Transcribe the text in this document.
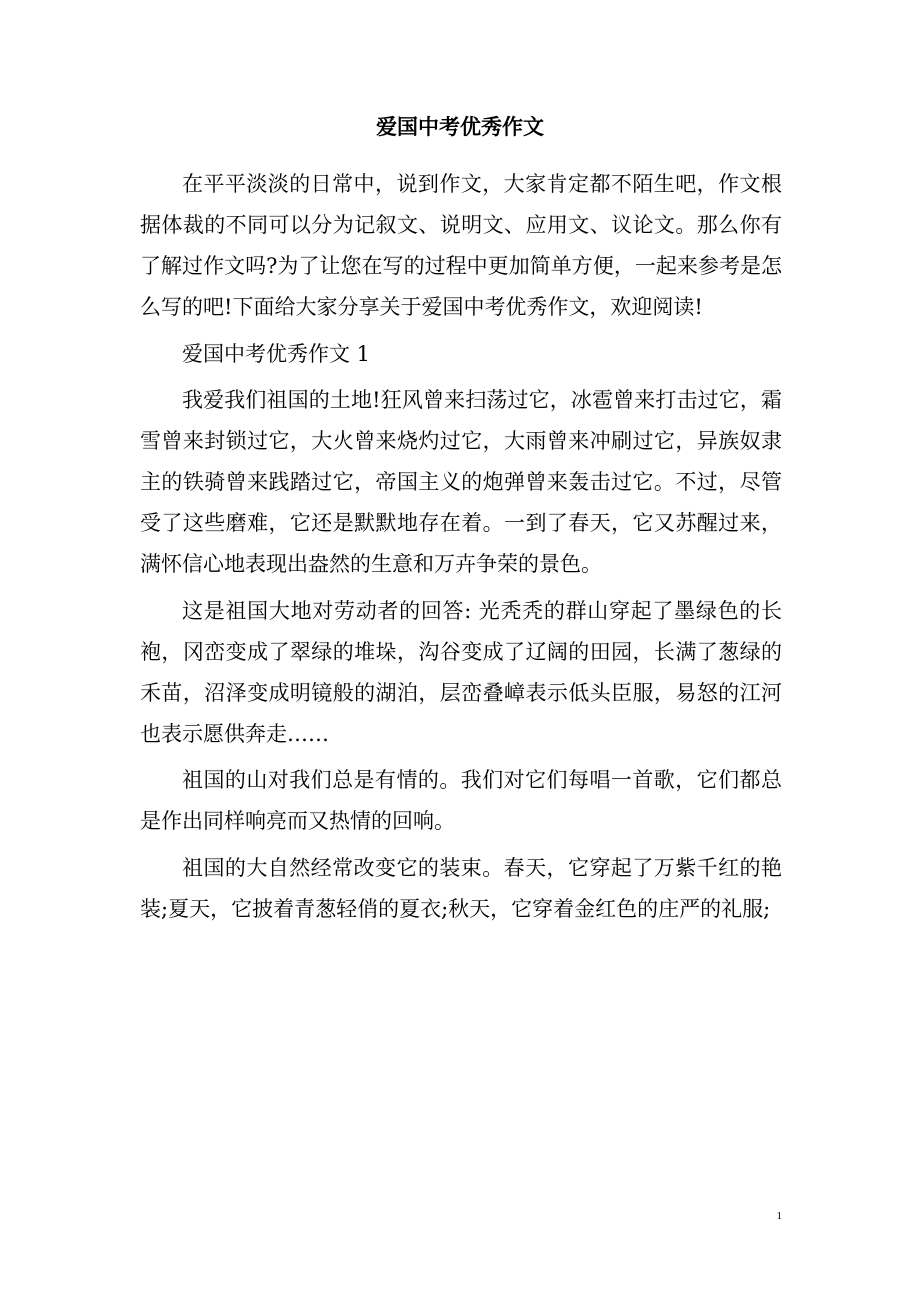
爱国中考优秀作文

在平平淡淡的日常中，说到作文，大家肯定都不陌生吧，作文根据体裁的不同可以分为记叙文、说明文、应用文、议论文。那么你有了解过作文吗?为了让您在写的过程中更加简单方便，一起来参考是怎么写的吧!下面给大家分享关于爱国中考优秀作文，欢迎阅读!

爱国中考优秀作文 1

我爱我们祖国的土地!狂风曾来扫荡过它，冰雹曾来打击过它，霜雪曾来封锁过它，大火曾来烧灼过它，大雨曾来冲刷过它，异族奴隶主的铁骑曾来践踏过它，帝国主义的炮弹曾来轰击过它。不过，尽管受了这些磨难，它还是默默地存在着。一到了春天，它又苏醒过来，满怀信心地表现出盎然的生意和万卉争荣的景色。

这是祖国大地对劳动者的回答: 光秃秃的群山穿起了墨绿色的长袍，冈峦变成了翠绿的堆垛，沟谷变成了辽阔的田园，长满了葱绿的禾苗，沼泽变成明镜般的湖泊，层峦叠嶂表示低头臣服，易怒的江河也表示愿供奔走……

祖国的山对我们总是有情的。我们对它们每唱一首歌，它们都总是作出同样响亮而又热情的回响。

祖国的大自然经常改变它的装束。春天，它穿起了万紫千红的艳装;夏天，它披着青葱轻俏的夏衣;秋天，它穿着金红色的庄严的礼服;

1
